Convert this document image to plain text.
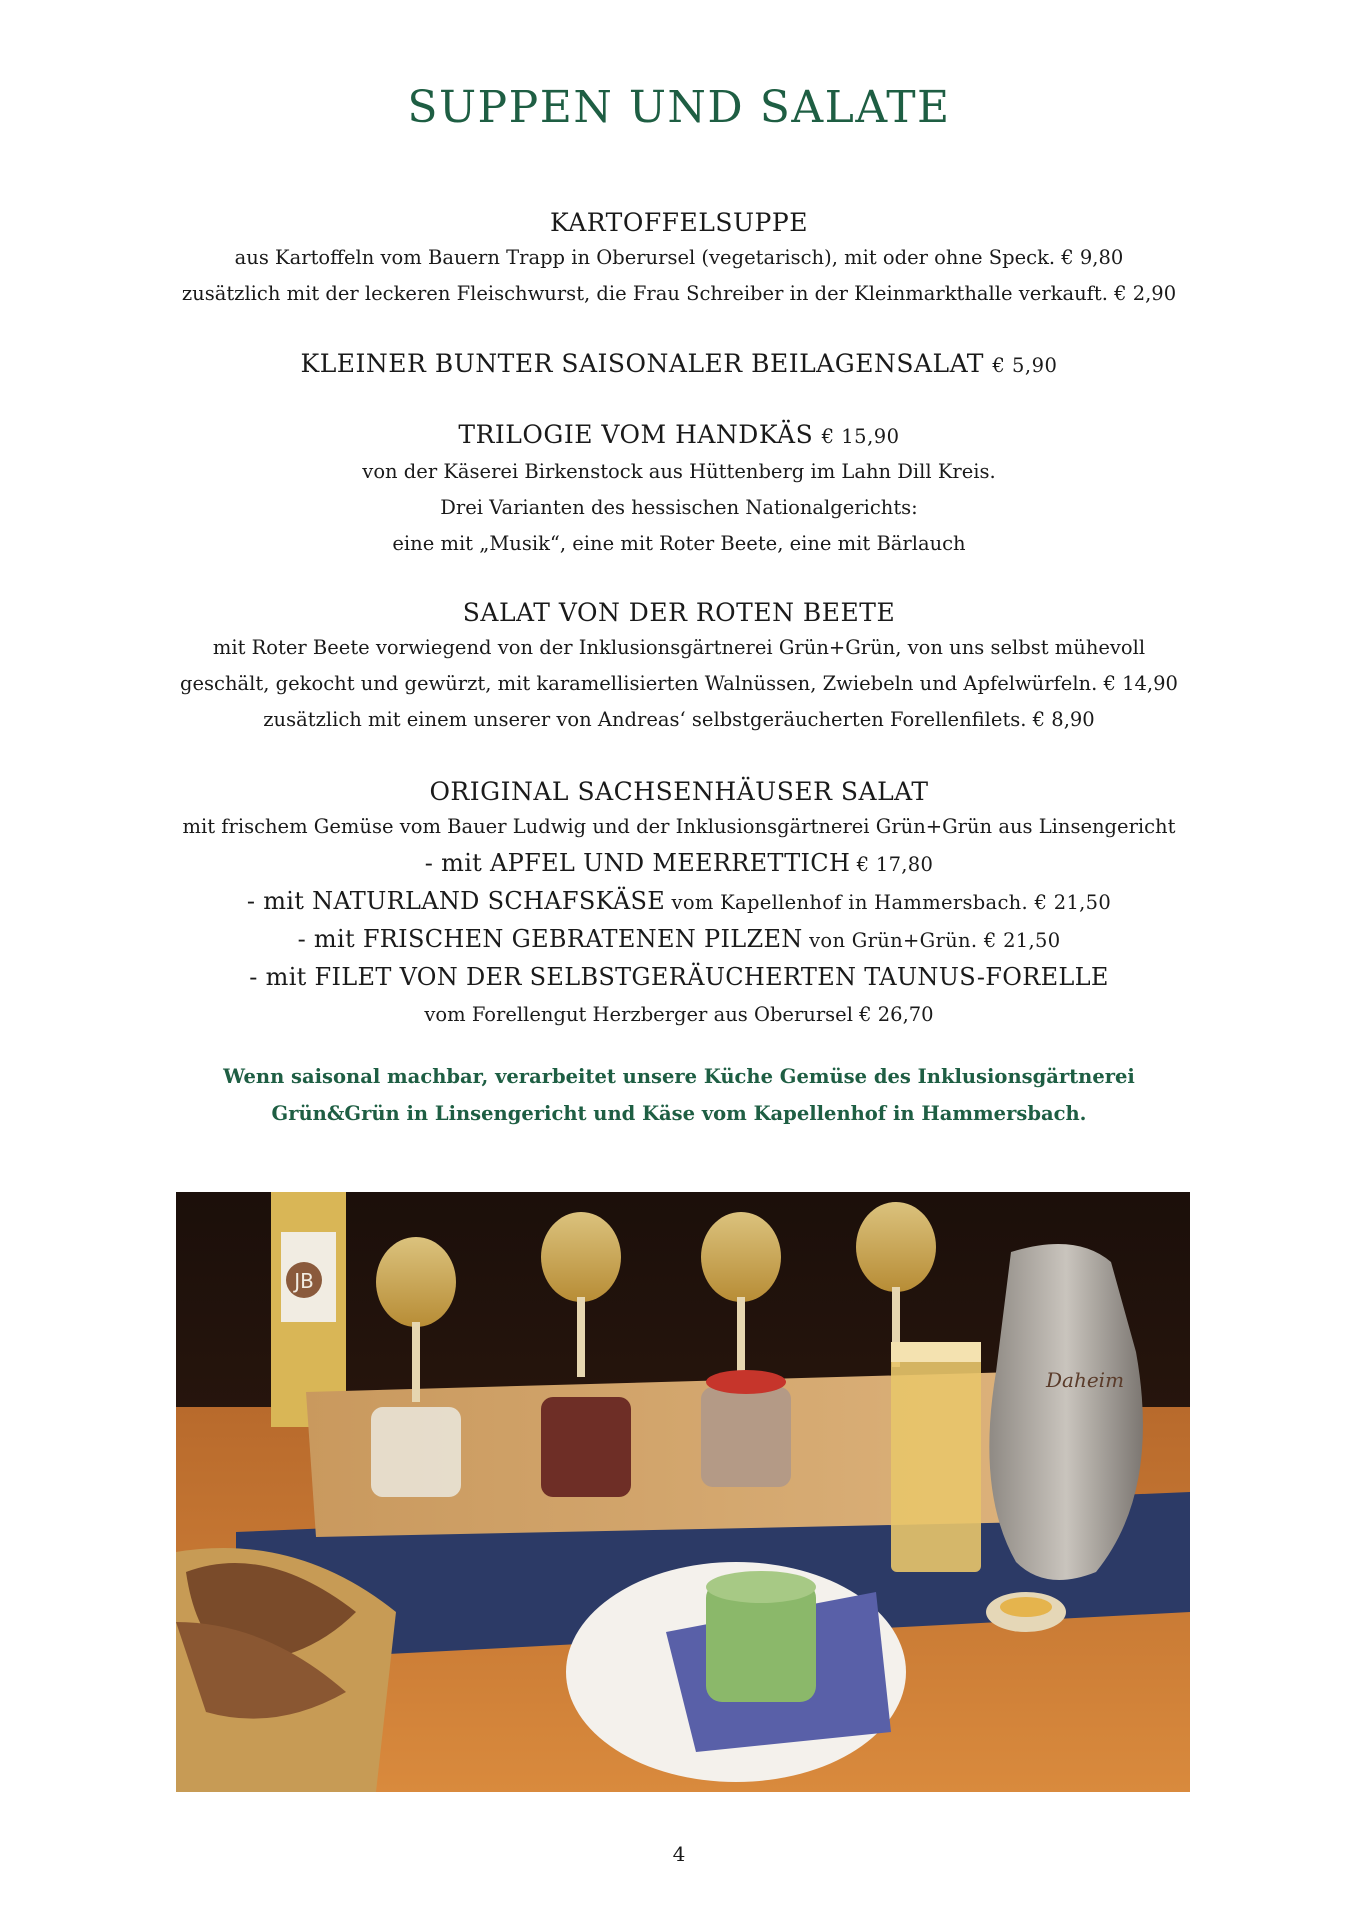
SUPPEN UND SALATE
KARTOFFELSUPPE
aus Kartoffeln vom Bauern Trapp in Oberursel (vegetarisch), mit oder ohne Speck. € 9,80
zusätzlich mit der leckeren Fleischwurst, die Frau Schreiber in der Kleinmarkthalle verkauft. € 2,90
KLEINER BUNTER SAISONALER BEILAGENSALAT € 5,90
TRILOGIE VOM HANDKÄS € 15,90
von der Käserei Birkenstock aus Hüttenberg im Lahn Dill Kreis.
Drei Varianten des hessischen Nationalgerichts:
eine mit „Musik“, eine mit Roter Beete, eine mit Bärlauch
SALAT VON DER ROTEN BEETE
mit Roter Beete vorwiegend von der Inklusionsgärtnerei Grün+Grün, von uns selbst mühevoll
geschält, gekocht und gewürzt, mit karamellisierten Walnüssen, Zwiebeln und Apfelwürfeln. € 14,90
zusätzlich mit einem unserer von Andreas‘ selbstgeräucherten Forellenfilets. € 8,90
ORIGINAL SACHSENHÄUSER SALAT
mit frischem Gemüse vom Bauer Ludwig und der Inklusionsgärtnerei Grün+Grün aus Linsengericht
- mit APFEL UND MEERRETTICH € 17,80
- mit NATURLAND SCHAFSKÄSE vom Kapellenhof in Hammersbach. € 21,50
- mit FRISCHEN GEBRATENEN PILZEN von Grün+Grün. € 21,50
- mit FILET VON DER SELBSTGERÄUCHERTEN TAUNUS-FORELLE
vom Forellengut Herzberger aus Oberursel € 26,70
Wenn saisonal machbar, verarbeitet unsere Küche Gemüse des Inklusionsgärtnerei
Grün&Grün in Linsengericht und Käse vom Kapellenhof in Hammersbach.
JB
Daheim
4
